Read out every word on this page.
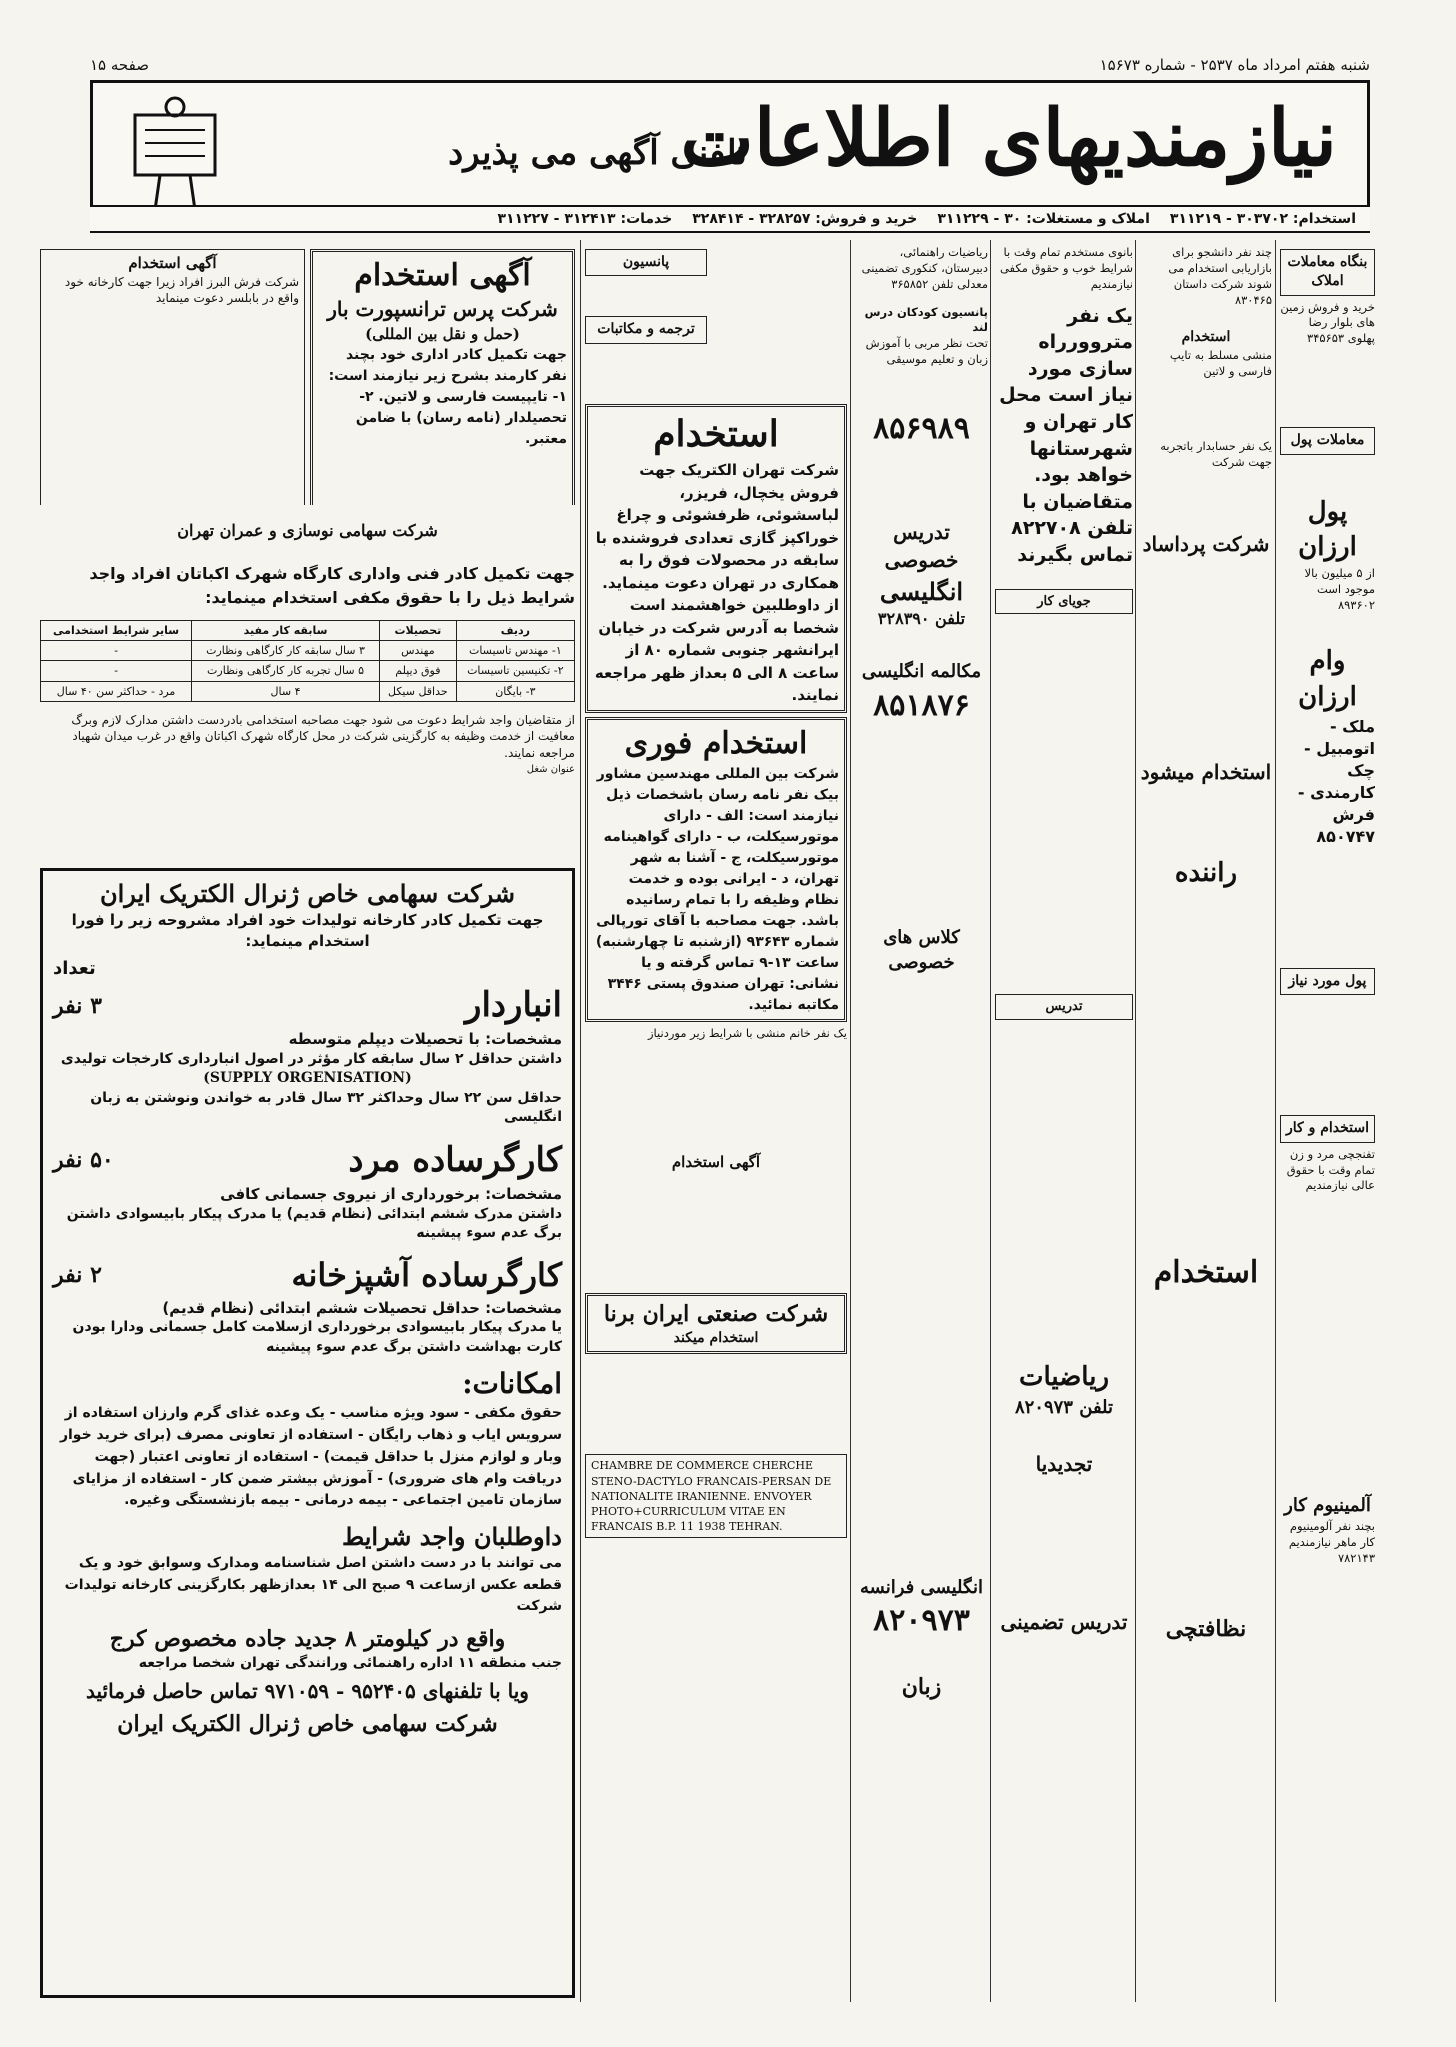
صفحه ۱۵	شنبه هفتم امرداد ماه ۲۵۳۷ - شماره ۱۵۶۷۳
نیازمندیهای اطلاعات
تلفنی آگهی می پذیرد
استخدام: ۳۰۳۷۰۲ - ۳۱۱۲۱۹
املاک و مستغلات: ۳۰ - ۳۱۱۲۲۹
خرید و فروش: ۳۲۸۲۵۷ - ۳۲۸۴۱۴
خدمات: ۳۱۲۴۱۳ - ۳۱۱۲۲۷
بنگاه معاملات املاک
خرید و فروش زمین های بلوار رضا پهلوی ۳۴۵۶۵۳
معاملات پول
پول ارزان
از ۵ میلیون بالا موجود است ۸۹۳۶۰۲
وام ارزان
ملک - اتومبیل - چک کارمندی - فرش ۸۵۰۷۴۷
پول مورد نیاز
استخدام و کار
تفنجچی مرد و زن تمام وقت با حقوق عالی نیازمندیم
آلمینیوم کار
بچند نفر آلومینیوم کار ماهر نیازمندیم ۷۸۲۱۴۳
چند نفر دانشجو برای بازاریابی استخدام می شوند شرکت داستان ۸۳۰۴۶۵
استخدام
منشی مسلط به تایپ فارسی و لاتین
یک نفر حسابدار باتجربه جهت شرکت
شرکت پرداساد
استخدام میشود
راننده
استخدام
نظافتچی
بانوی مستخدم تمام وقت با شرایط خوب و حقوق مکفی نیازمندیم
یک نفر متروورراه سازی مورد نیاز است محل کار تهران و شهرستانها خواهد بود. متقاضیان با تلفن ۸۲۲۷۰۸ تماس بگیرند
جویای کار
تدریس
ریاضیات
تلفن ۸۲۰۹۷۳
تجدیدیا
تدریس تضمینی
ریاضیات راهنمائی، دبیرستان، کنکوری تضمینی معدلی تلفن ۳۶۵۸۵۲
پانسیون کودکان درس لند
تحت نظر مربی با آموزش زبان و تعلیم موسیقی
۸۵۶۹۸۹
تدریس خصوصی
انگلیسی
تلفن ۳۲۸۳۹۰
مکالمه انگلیسی
۸۵۱۸۷۶
کلاس های خصوصی
انگلیسی فرانسه
۸۲۰۹۷۳
زبان
پانسیون
ترجمه و مکاتبات
استخدام
شرکت تهران الکتریک جهت فروش یخچال، فریزر، لباسشوئی، ظرفشوئی و چراغ خوراکپز گازی تعدادی فروشنده با سابقه در محصولات فوق را به همکاری در تهران دعوت مینماید. از داوطلبین خواهشمند است شخصا به آدرس شرکت در خیابان ایرانشهر جنوبی شماره ۸۰ از ساعت ۸ الی ۵ بعداز ظهر مراجعه نمایند.
استخدام فوری
شرکت بین المللی مهندسین مشاور بیک نفر نامه رسان باشخصات ذیل نیازمند است: الف - دارای موتورسیکلت، ب - دارای گواهینامه موتورسیکلت، ج - آشنا به شهر تهران، د - ایرانی بوده و خدمت نظام وظیفه را با تمام رسانیده باشد. جهت مصاحبه با آقای تورپالی شماره ۹۳۶۴۳ (ازشنبه تا چهارشنبه) ساعت ۱۳-۹ تماس گرفته و یا نشانی: تهران صندوق پستی ۳۴۴۶ مکاتبه نمائید.
یک نفر خانم منشی با شرایط زیر موردنیاز
آگهی استخدام
شرکت صنعتی ایران برنا
استخدام میکند
CHAMBRE DE COMMERCE CHERCHE STENO-DACTYLO FRANCAIS-PERSAN DE NATIONALITE IRANIENNE. ENVOYER PHOTO+CURRICULUM VITAE EN FRANCAIS B.P. 11 1938 TEHRAN.
آگهی استخدام
شرکت پرس ترانسپورت بار
(حمل و نقل بین المللی)
جهت تکمیل کادر اداری خود بچند نفر کارمند بشرح زیر نیازمند است: ۱- تایپیست فارسی و لاتین. ۲- تحصیلدار (نامه رسان) با ضامن معتبر.
آگهی استخدام
شرکت فرش البرز افراد زیرا جهت کارخانه خود واقع در بابلسر دعوت مینماید
شرکت سهامی نوسازی و عمران تهران
جهت تکمیل کادر فنی واداری کارگاه شهرک اکباتان افراد واجد شرایط ذیل را با حقوق مکفی استخدام مینماید:
ردیف	تحصیلات	سابقه کار مفید	سایر شرایط استخدامی
۱- مهندس تاسیسات	مهندس	۳ سال سابقه کار کارگاهی ونظارت	-
۲- تکنیسین تاسیسات	فوق دیپلم	۵ سال تجربه کار کارگاهی ونظارت	-
۳- بایگان	حداقل سیکل	۴ سال	مرد - حداکثر سن ۴۰ سال
از متقاضیان واجد شرایط دعوت می شود جهت مصاحبه استخدامی بادردست داشتن مدارک لازم وبرگ معافیت از خدمت وظیفه به کارگزینی شرکت در محل کارگاه شهرک اکباتان واقع در غرب میدان شهیاد مراجعه نمایند.
عنوان شغل
شرکت سهامی خاص ژنرال الکتریک ایران
جهت تکمیل کادر کارخانه تولیدات خود افراد مشروحه زیر را فورا استخدام مینماید:
تعداد
انباردار
۳ نفر
مشخصات: با تحصیلات دیپلم متوسطه
داشتن حداقل ۲ سال سابقه کار مؤثر در اصول انبارداری کارخجات تولیدی
(SUPPLY ORGENISATION)
حداقل سن ۲۲ سال وحداکثر ۳۲ سال قادر به خواندن ونوشتن به زبان انگلیسی
کارگرساده مرد
۵۰ نفر
مشخصات: برخورداری از نیروی جسمانی کافی
داشتن مدرک ششم ابتدائی (نظام قدیم) یا مدرک پیکار بابیسوادی داشتن برگ عدم سوء پیشینه
کارگرساده آشپزخانه
۲ نفر
مشخصات: حداقل تحصیلات ششم ابتدائی (نظام قدیم)
یا مدرک پیکار بابیسوادی برخورداری ازسلامت کامل جسمانی ودارا بودن کارت بهداشت داشتن برگ عدم سوء پیشینه
امکانات:
حقوق مکفی - سود ویژه مناسب - یک وعده غذای گرم وارزان استفاده از سرویس ایاب و ذهاب رایگان - استفاده از تعاونی مصرف (برای خرید خوار وبار و لوازم منزل با حداقل قیمت) - استفاده از تعاونی اعتبار (جهت دریافت وام های ضروری) - آموزش بیشتر ضمن کار - استفاده از مزایای سازمان تامین اجتماعی - بیمه درمانی - بیمه بازنشستگی وغیره.
داوطلبان واجد شرایط
می توانند با در دست داشتن اصل شناسنامه ومدارک وسوابق خود و یک قطعه عکس ازساعت ۹ صبح الی ۱۴ بعدازظهر بکارگزینی کارخانه تولیدات شرکت
واقع در کیلومتر ۸ جدید جاده مخصوص کرج
جنب منطقه ۱۱ اداره راهنمائی ورانندگی تهران شخصا مراجعه
ویا با تلفنهای ۹۵۲۴۰۵ - ۹۷۱۰۵۹ تماس حاصل فرمائید
شرکت سهامی خاص ژنرال الکتریک ایران
